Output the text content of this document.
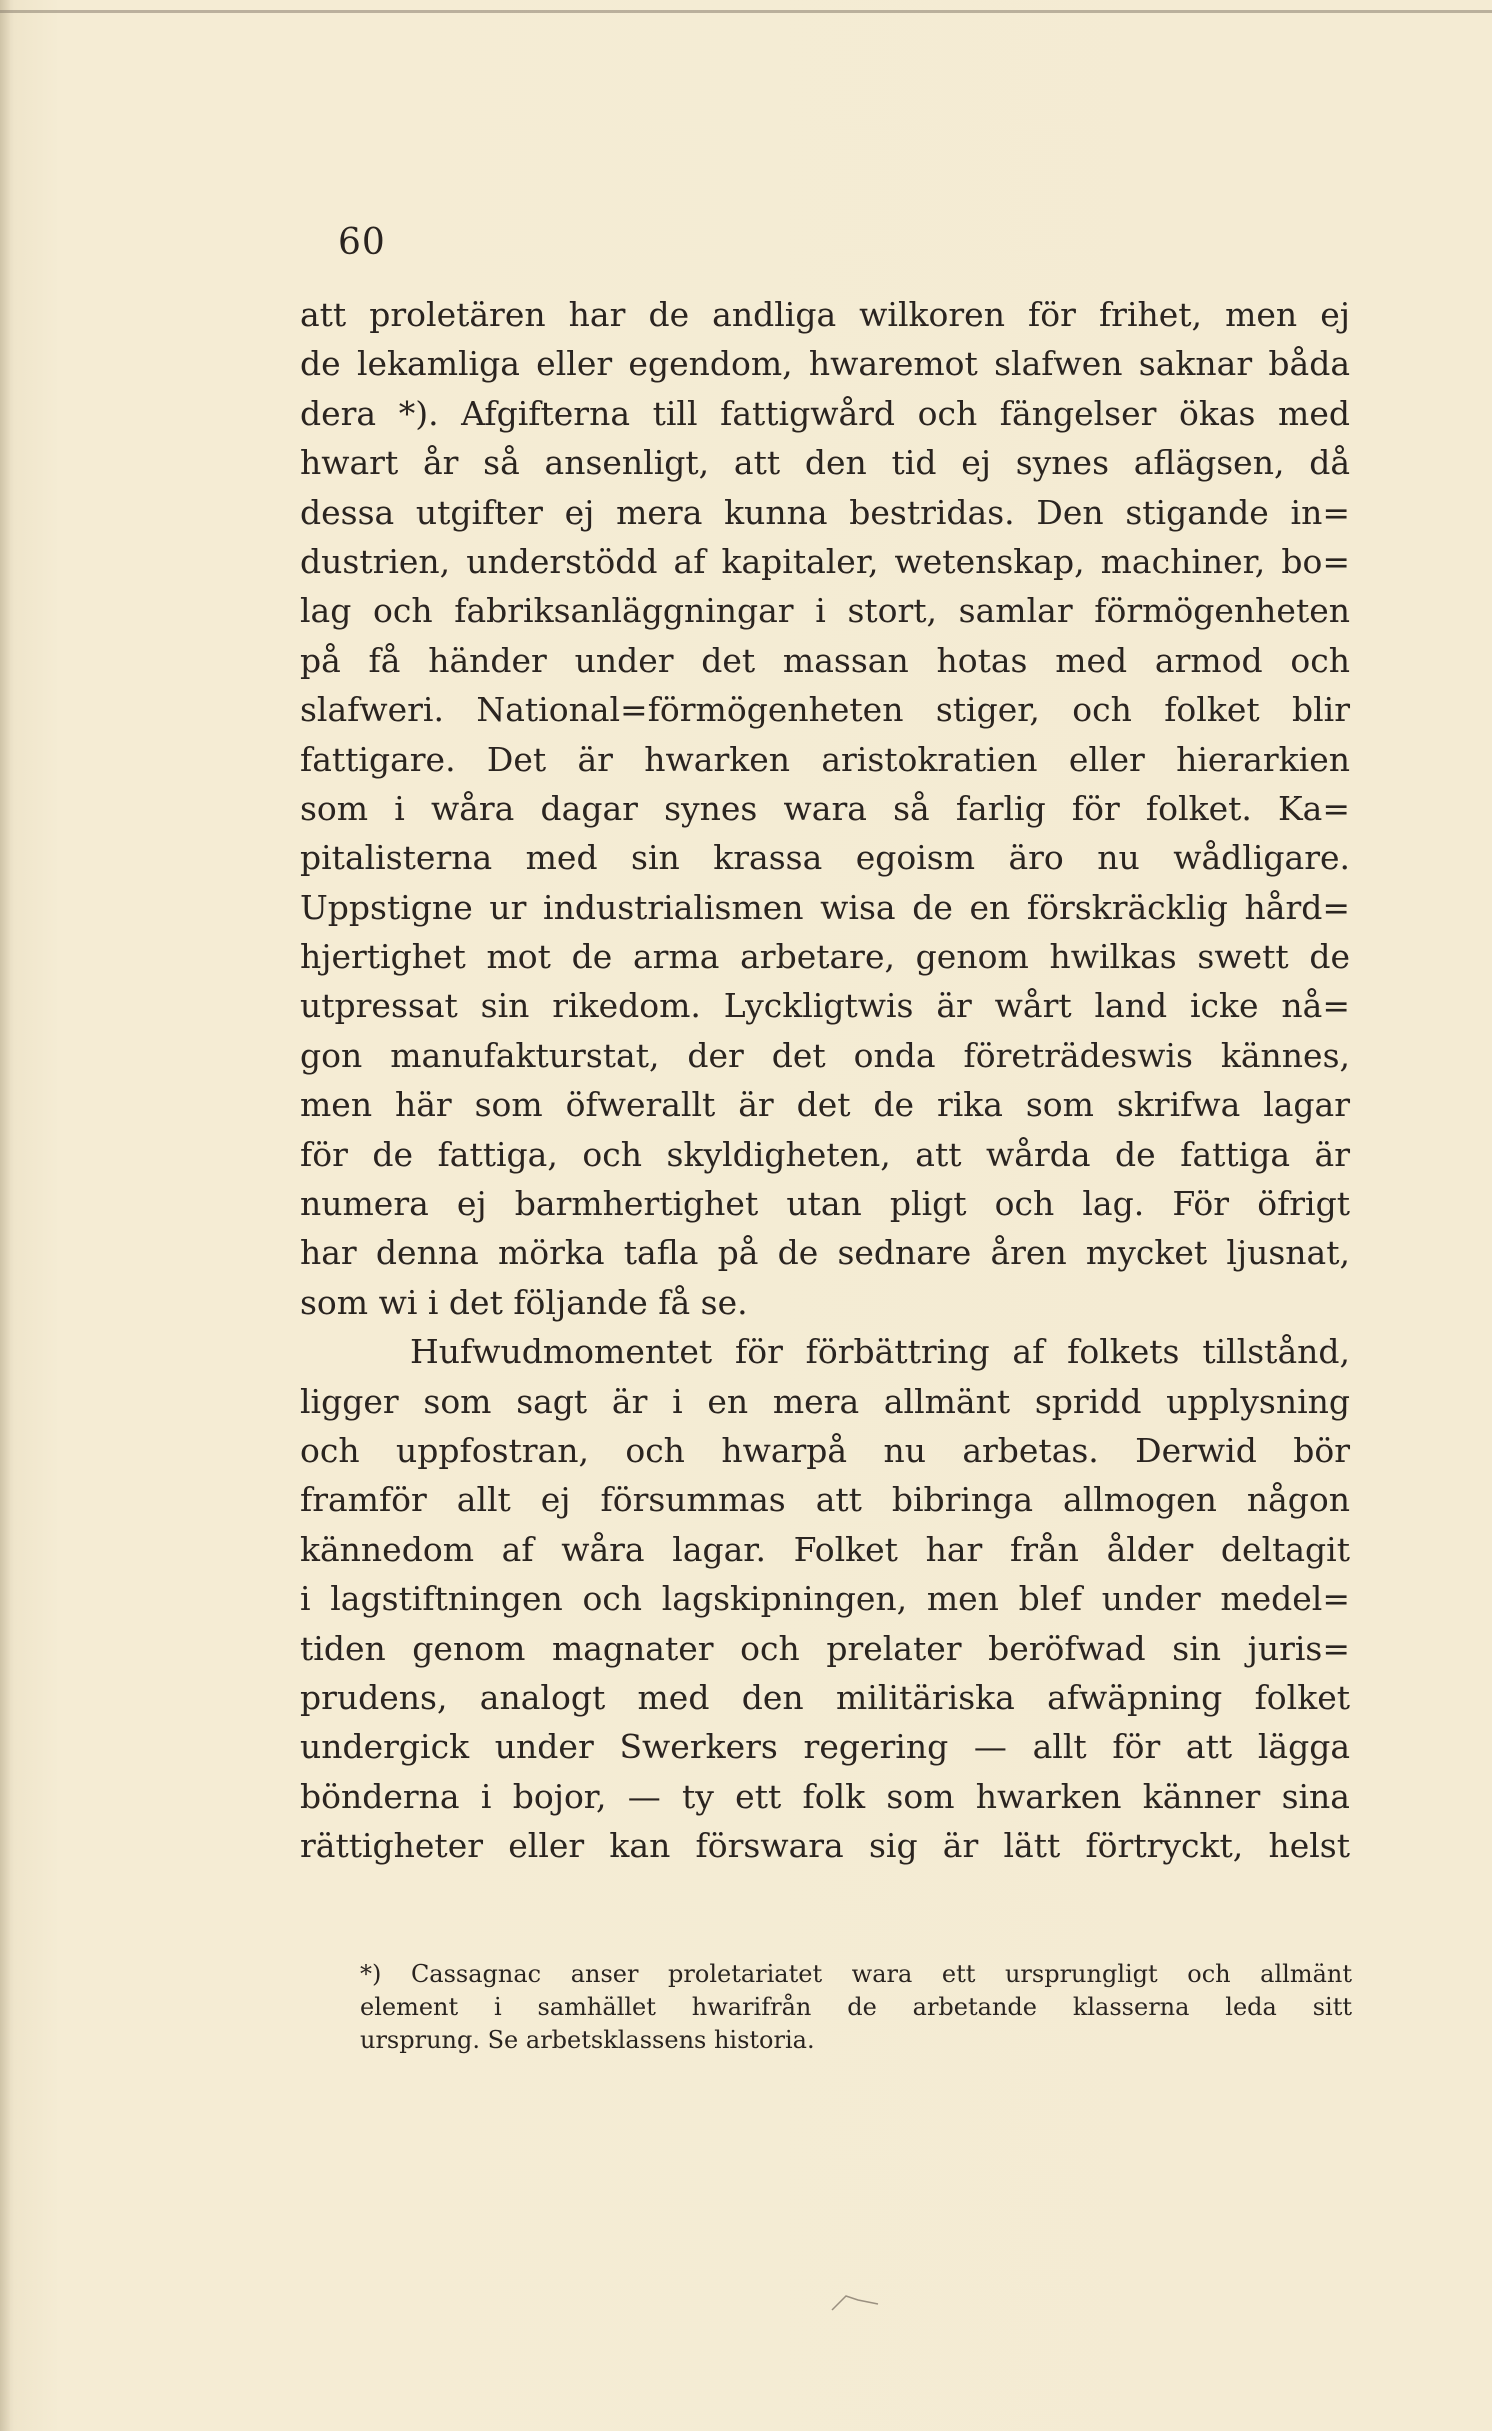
60

att proletären har de andliga wilkoren för frihet, men ej
de lekamliga eller egendom, hwaremot slafwen saknar båda
dera *). Afgifterna till fattigwård och fängelser ökas med
hwart år så ansenligt, att den tid ej synes aflägsen, då
dessa utgifter ej mera kunna bestridas. Den stigande in=
dustrien, understödd af kapitaler, wetenskap, machiner, bo=
lag och fabriksanläggningar i stort, samlar förmögenheten
på få händer under det massan hotas med armod och
slafweri. National=förmögenheten stiger, och folket blir
fattigare. Det är hwarken aristokratien eller hierarkien
som i wåra dagar synes wara så farlig för folket. Ka=
pitalisterna med sin krassa egoism äro nu wådligare.
Uppstigne ur industrialismen wisa de en förskräcklig hård=
hjertighet mot de arma arbetare, genom hwilkas swett de
utpressat sin rikedom. Lyckligtwis är wårt land icke nå=
gon manufakturstat, der det onda företrädeswis kännes,
men här som öfwerallt är det de rika som skrifwa lagar
för de fattiga, och skyldigheten, att wårda de fattiga är
numera ej barmhertighet utan pligt och lag. För öfrigt
har denna mörka tafla på de sednare åren mycket ljusnat,
som wi i det följande få se.

Hufwudmomentet för förbättring af folkets tillstånd,
ligger som sagt är i en mera allmänt spridd upplysning
och uppfostran, och hwarpå nu arbetas. Derwid bör
framför allt ej försummas att bibringa allmogen någon
kännedom af wåra lagar. Folket har från ålder deltagit
i lagstiftningen och lagskipningen, men blef under medel=
tiden genom magnater och prelater beröfwad sin juris=
prudens, analogt med den militäriska afwäpning folket
undergick under Swerkers regering — allt för att lägga
bönderna i bojor, — ty ett folk som hwarken känner sina
rättigheter eller kan förswara sig är lätt förtryckt, helst

*) Cassagnac anser proletariatet wara ett ursprungligt och allmänt
element i samhället hwarifrån de arbetande klasserna leda sitt
ursprung. Se arbetsklassens historia.
